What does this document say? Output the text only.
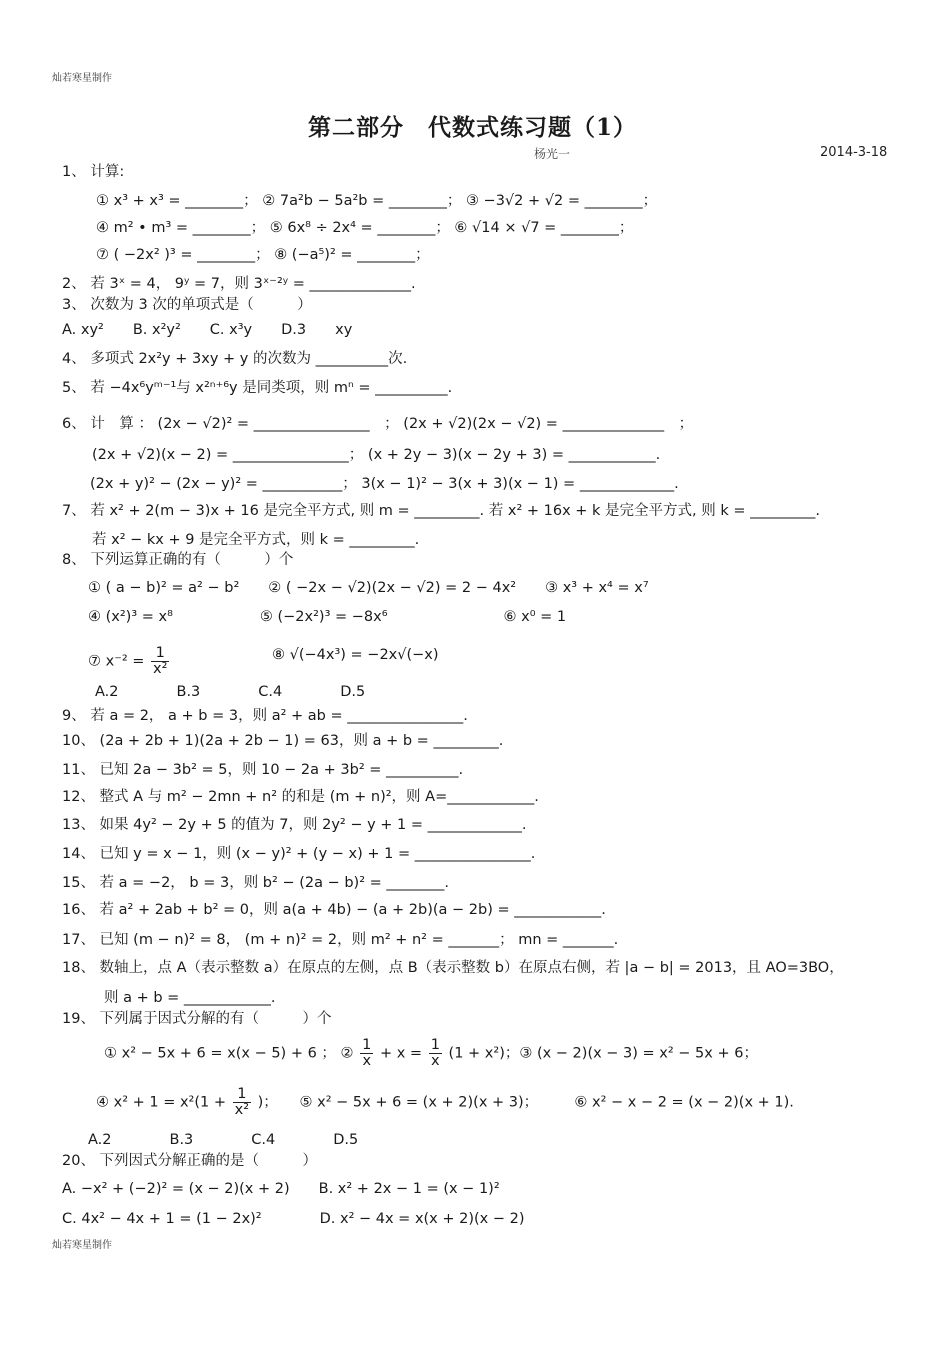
灿若寒星制作
第二部分　代数式练习题（1）
杨光一	2014-3-18
1、 计算:
① x³ + x³ = ________； ② 7a²b − 5a²b = ________； ③ −3√2 + √2 = ________；
④ m² • m³ = ________； ⑤ 6x⁸ ÷ 2x⁴ = ________； ⑥ √14 × √7 = ________；
⑦ ( −2x² )³ = ________； ⑧ (−a⁵)² = ________；
2、 若 3ˣ = 4， 9ʸ = 7，则 3ˣ⁻²ʸ = ______________.
3、 次数为 3 次的单项式是（　　　）
A. xy²　　B. x²y²　　C. x³y　　D.3　　xy
4、 多项式 2x²y + 3xy + y 的次数为 __________次.
5、 若 −4x⁶yᵐ⁻¹与 x²ⁿ⁺⁶y 是同类项，则 mⁿ = __________.
6、 计　算 ： (2x − √2)² = ________________　； (2x + √2)(2x − √2) = ______________　；
(2x + √2)(x − 2) = ________________； (x + 2y − 3)(x − 2y + 3) = ____________.
(2x + y)² − (2x − y)² = ___________； 3(x − 1)² − 3(x + 3)(x − 1) = _____________.
7、 若 x² + 2(m − 3)x + 16 是完全平方式, 则 m = _________. 若 x² + 16x + k 是完全平方式, 则 k = _________.
若 x² − kx + 9 是完全平方式，则 k = _________.
8、 下列运算正确的有（　　　）个
① ( a − b)² = a² − b²　　② ( −2x − √2)(2x − √2) = 2 − 4x²　　③ x³ + x⁴ = x⁷
④ (x²)³ = x⁸　　　　　　⑤ (−2x²)³ = −8x⁶　　　　　　　　⑥ x⁰ = 1
⑦ $x^{-2} = \frac{1}{\text{x²}}$	⑧ √(−4x³) = −2x√(−x)
A.2　　　　B.3　　　　C.4　　　　D.5
9、 若 a = 2， a + b = 3，则 a² + ab = ________________.
10、 (2a + 2b + 1)(2a + 2b − 1) = 63，则 a + b = _________.
11、 已知 2a − 3b² = 5，则 10 − 2a + 3b² = __________.
12、 整式 A 与 m² − 2mn + n² 的和是 (m + n)²，则 A=____________.
13、 如果 4y² − 2y + 5 的值为 7，则 2y² − y + 1 = _____________.
14、 已知 y = x − 1，则 (x − y)² + (y − x) + 1 = ________________.
15、 若 a = −2， b = 3，则 b² − (2a − b)² = ________.
16、 若 a² + 2ab + b² = 0，则 a(a + 4b) − (a + 2b)(a − 2b) = ____________.
17、 已知 (m − n)² = 8， (m + n)² = 2，则 m² + n² = _______； mn = _______.
18、 数轴上，点 A（表示整数 a）在原点的左侧，点 B（表示整数 b）在原点右侧，若 |a − b| = 2013，且 AO=3BO，
则 a + b = ____________.
19、 下列属于因式分解的有（　　　）个
① x² − 5x + 6 = x(x − 5) + 6 ； ② $\frac{1}{x} + x = \frac{1}{x} (1 + x^2)$；③ (x − 2)(x − 3) = x² − 5x + 6；
④ $x^2 + 1 = x^2(1 + \frac{1}{\text{x²}}$ )；　　⑤ x² − 5x + 6 = (x + 2)(x + 3)；　　　⑥ x² − x − 2 = (x − 2)(x + 1).
A.2　　　　B.3　　　　C.4　　　　D.5
20、 下列因式分解正确的是（　　　）
A. −x² + (−2)² = (x − 2)(x + 2)　　B. x² + 2x − 1 = (x − 1)²
C. 4x² − 4x + 1 = (1 − 2x)²　　　　D. x² − 4x = x(x + 2)(x − 2)
灿若寒星制作
